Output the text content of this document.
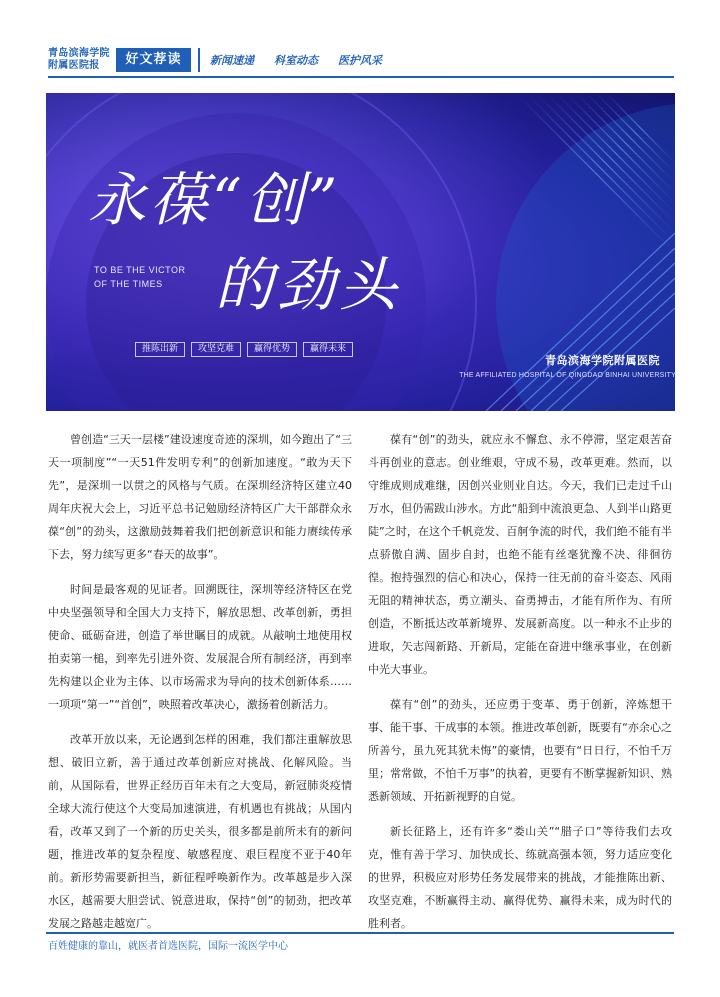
青岛滨海学院
附属医院报	好文荐读	新闻速递 科室动态 医护风采
永葆“创”
的劲头
TO BE THE VICTOR
OF THE TIMES
推陈出新	攻坚克难	赢得优势	赢得未来
青岛滨海学院附属医院
THE AFFILIATED HOSPITAL OF QINGDAO BINHAI UNIVERSITY

曾创造“三天一层楼”建设速度奇迹的深圳，如今跑出了“三天一项制度”“一天51件发明专利”的创新加速度。“敢为天下先”，是深圳一以贯之的风格与气质。在深圳经济特区建立40周年庆祝大会上，习近平总书记勉励经济特区广大干部群众永葆“创”的劲头，这激励鼓舞着我们把创新意识和能力赓续传承下去，努力续写更多“春天的故事”。

时间是最客观的见证者。回溯既往，深圳等经济特区在党中央坚强领导和全国大力支持下，解放思想、改革创新，勇担使命、砥砺奋进，创造了举世瞩目的成就。从敲响土地使用权拍卖第一槌，到率先引进外资、发展混合所有制经济，再到率先构建以企业为主体、以市场需求为导向的技术创新体系……一项项“第一”“首创”，映照着改革决心，激扬着创新活力。

改革开放以来，无论遇到怎样的困难，我们都注重解放思想、破旧立新，善于通过改革创新应对挑战、化解风险。当前，从国际看，世界正经历百年未有之大变局，新冠肺炎疫情全球大流行使这个大变局加速演进，有机遇也有挑战；从国内看，改革又到了一个新的历史关头，很多都是前所未有的新问题，推进改革的复杂程度、敏感程度、艰巨程度不亚于40年前。新形势需要新担当，新征程呼唤新作为。改革越是步入深水区，越需要大胆尝试、锐意进取，保持“创”的韧劲，把改革发展之路越走越宽广。

葆有“创”的劲头，就应永不懈怠、永不停滞，坚定艰苦奋斗再创业的意志。创业维艰，守成不易，改革更难。然而，以守维成则成难继，因创兴业则业自达。今天，我们已走过千山万水，但仍需跋山涉水。方此“船到中流浪更急、人到半山路更陡”之时，在这个千帆竞发、百舸争流的时代，我们绝不能有半点骄傲自满、固步自封，也绝不能有丝毫犹豫不决、徘徊彷徨。抱持强烈的信心和决心，保持一往无前的奋斗姿态、风雨无阻的精神状态，勇立潮头、奋勇搏击，才能有所作为、有所创造，不断抵达改革新境界、发展新高度。以一种永不止步的进取，矢志闯新路、开新局，定能在奋进中继承事业，在创新中光大事业。

葆有“创”的劲头，还应勇于变革、勇于创新，淬炼想干事、能干事、干成事的本领。推进改革创新，既要有“亦余心之所善兮，虽九死其犹未悔”的豪情，也要有“日日行，不怕千万里；常常做，不怕千万事”的执着，更要有不断掌握新知识、熟悉新领域、开拓新视野的自觉。

新长征路上，还有许多“娄山关”“腊子口”等待我们去攻克，惟有善于学习、加快成长、练就高强本领，努力适应变化的世界，积极应对形势任务发展带来的挑战，才能推陈出新、攻坚克难，不断赢得主动、赢得优势、赢得未来，成为时代的胜利者。

百姓健康的靠山，就医者首选医院，国际一流医学中心
